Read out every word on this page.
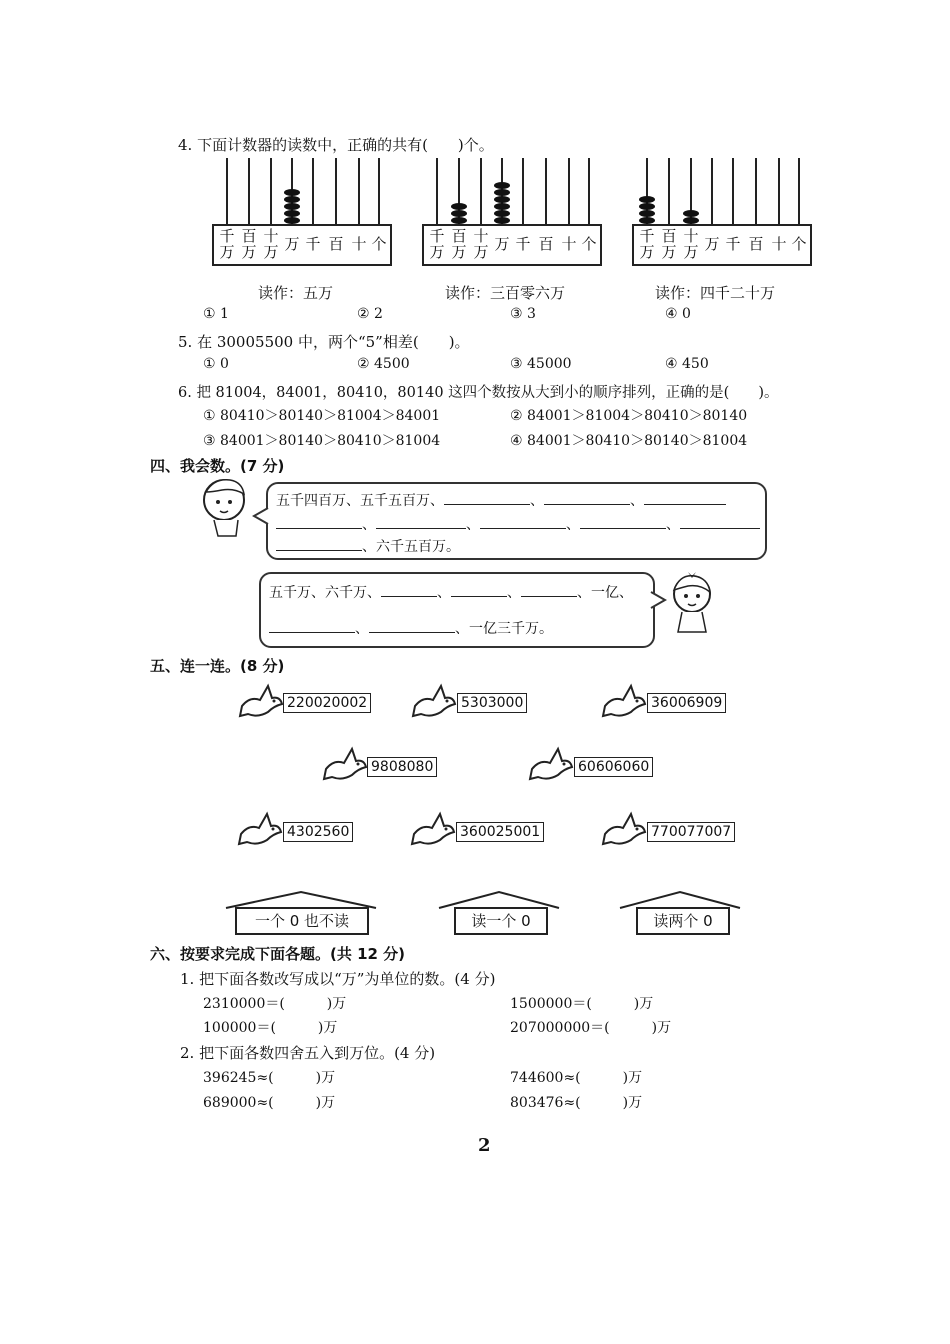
4. 下面计数器的读数中，正确的共有(　　)个。
千
万
百
万
十
万 万 千 百 十 个	千
万
百
万
十
万 万 千 百 十 个	千
万
百
万
十
万 万 千 百 十 个
读作：五万	读作：三百零六万	读作：四千二十万
① 1	② 2	③ 3	④ 0
5. 在 30005500 中，两个“5”相差(　　)。
① 0	② 4500	③ 45000	④ 450
6. 把 81004，84001，80410，80140 这四个数按从大到小的顺序排列，正确的是(　　)。
① 80410＞80140＞81004＞84001	② 84001＞81004＞80410＞80140
③ 84001＞80140＞80410＞81004	④ 84001＞80410＞80140＞81004
四、我会数。(7 分)
五千四百万、五千五百万、	、	、
、	、	、	、
、六千五百万。
五千万、六千万、	、	、	、一亿、
、	、一亿三千万。
五、连一连。(8 分)
220020002	5303000	36006909
9808080	60606060
4302560	360025001	770077007
一个 0 也不读	读一个 0	读两个 0
六、按要求完成下面各题。(共 12 分)
1. 把下面各数改写成以“万”为单位的数。(4 分)
2310000＝(　　　)万	1500000＝(　　　)万
100000＝(　　　)万	207000000＝(　　　)万
2. 把下面各数四舍五入到万位。(4 分)
396245≈(　　　)万	744600≈(　　　)万
689000≈(　　　)万	803476≈(　　　)万
2
